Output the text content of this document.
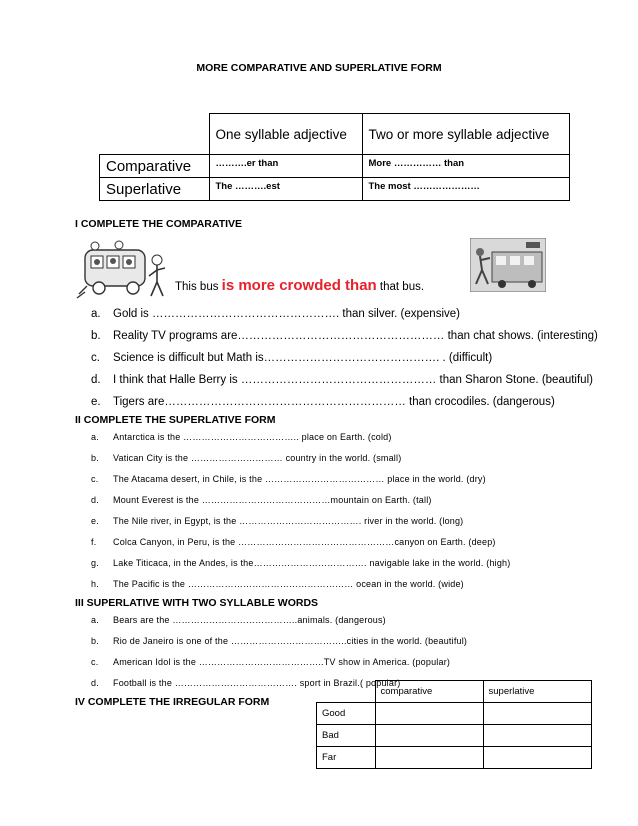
MORE COMPARATIVE AND SUPERLATIVE FORM
	One syllable adjective	Two or more syllable adjective
Comparative	……….er than	More …………… than
Superlative	The ……….est	The most …………………
I COMPLETE THE COMPARATIVE
This bus is more crowded than that bus.
a. Gold is …………………………………………. than silver. (expensive)
b. Reality TV programs are……………………………………………… than chat shows. (interesting)
c. Science is difficult but Math is………………………………………. . (difficult)
d. I think that Halle Berry is …………………………………………… than Sharon Stone. (beautiful)
e. Tigers are……………………………………………………… than crocodiles. (dangerous)
II COMPLETE THE SUPERLATIVE FORM
a. Antarctica is the ……………………………….. place on Earth. (cold)
b. Vatican City is the ………………………… country in the world. (small)
c. The Atacama desert, in Chile, is the ………………………………… place in the world. (dry)
d. Mount Everest is the ……………………………………mountain on Earth. (tall)
e. The Nile river, in Egypt, is the …………………………………. river in the world. (long)
f. Colca Canyon, in Peru, is the ……………………………………………canyon on Earth. (deep)
g. Lake Titicaca, in the Andes, is the………………………………. navigable lake in the world. (high)
h. The Pacific is the ……………………………………………… ocean in the world. (wide)
III SUPERLATIVE WITH TWO SYLLABLE WORDS
a. Bears are the …………………………………..animals. (dangerous)
b. Rio de Janeiro is one of the ………………………………..cities in the world. (beautiful)
c. American Idol is the …………………………………..TV show in America. (popular)
d. Football is the …………………………………. sport in Brazil.( popular)
IV COMPLETE THE IRREGULAR FORM
	comparative	superlative
Good		
Bad		
Far		
